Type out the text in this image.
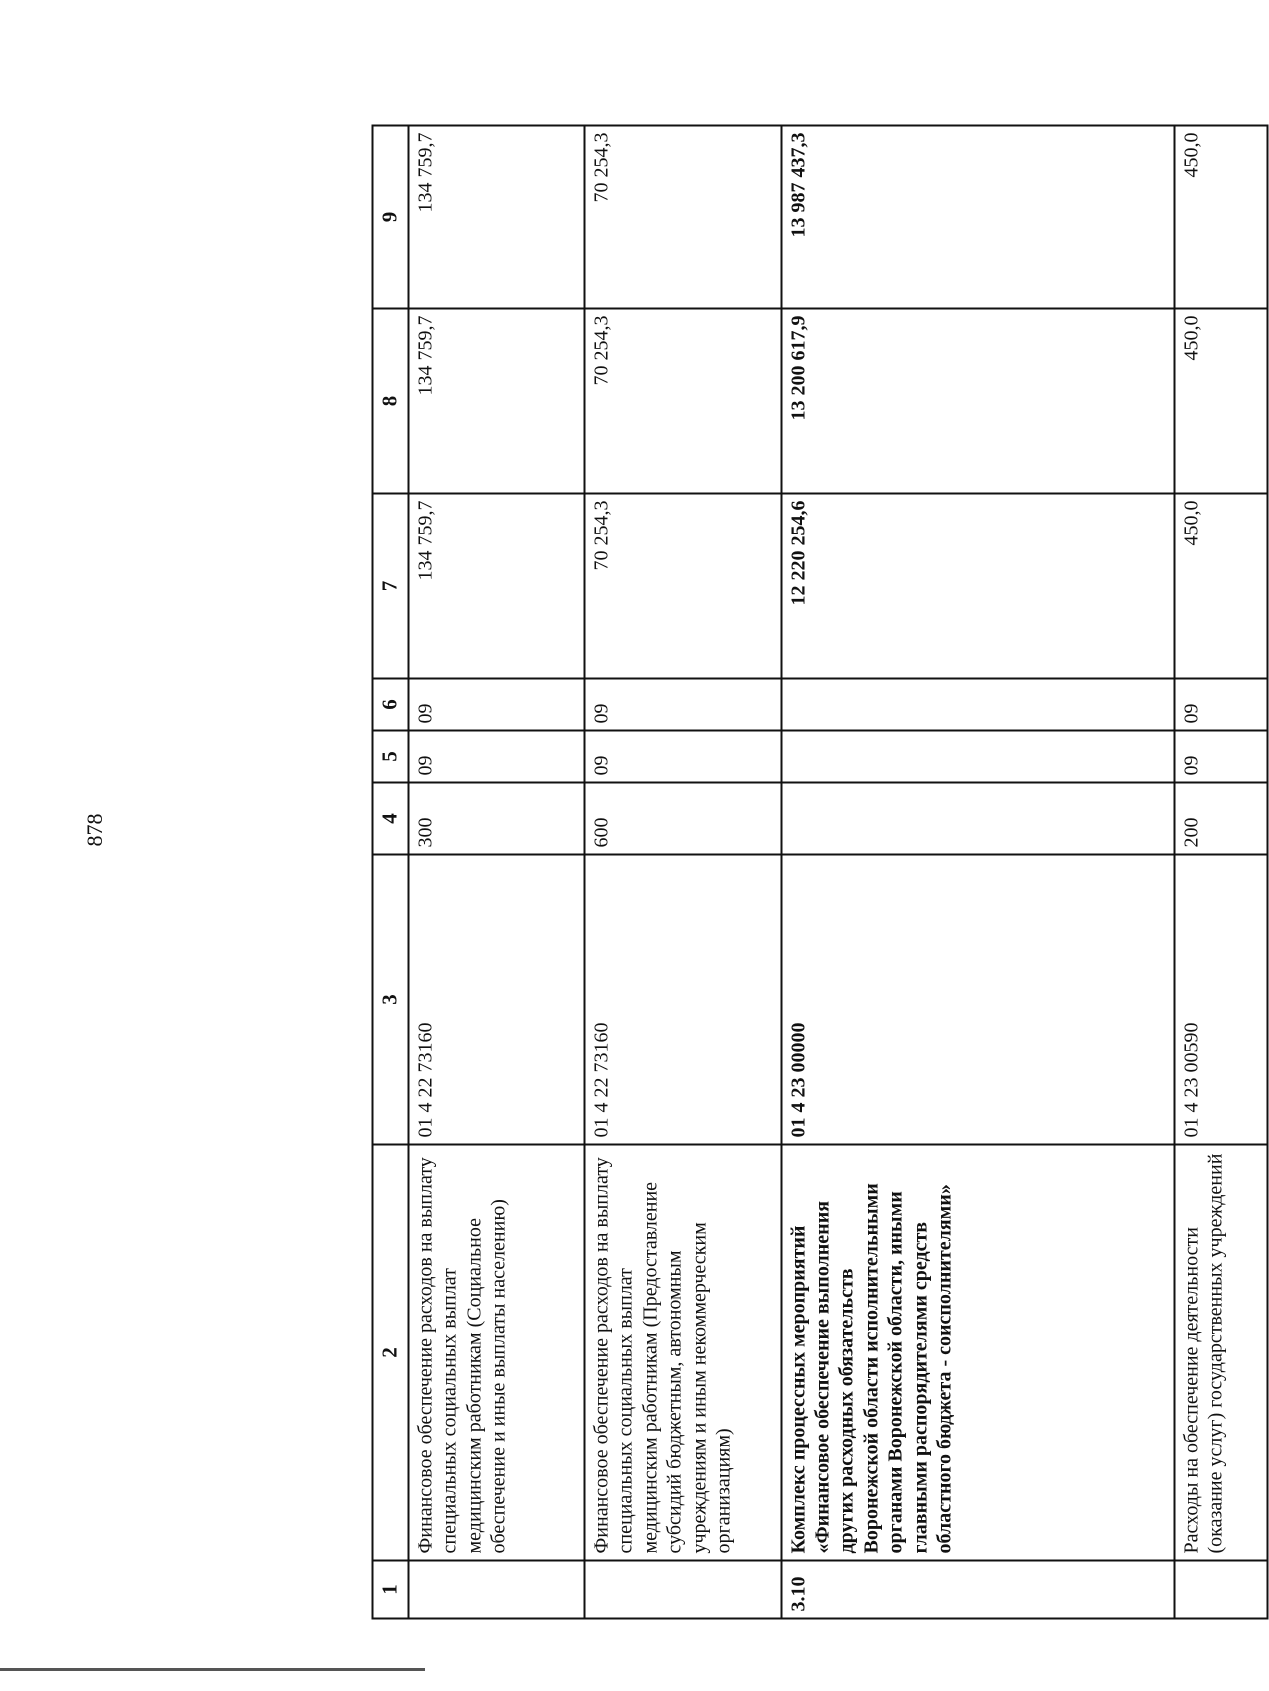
878
1	2	3	4	5	6	7	8	9
	Финансовое обеспечение расходов на выплату специальных социальных выплат медицинским работникам (Социальное обеспечение и иные выплаты населению)	01 4 22 73160	300	09	09	134 759,7	134 759,7	134 759,7
	Финансовое обеспечение расходов на выплату специальных социальных выплат медицинским работникам (Предоставление субсидий бюджетным, автономным учреждениям и иным некоммерческим организациям)	01 4 22 73160	600	09	09	70 254,3	70 254,3	70 254,3
3.10	Комплекс процессных мероприятий «Финансовое обеспечение выполнения других расходных обязательств Воронежской области исполнительными органами Воронежской области, иными главными распорядителями средств областного бюджета - соисполнителями»	01 4 23 00000				12 220 254,6	13 200 617,9	13 987 437,3
	Расходы на обеспечение деятельности (оказание услуг) государственных учреждений	01 4 23 00590	200	09	09	450,0	450,0	450,0
